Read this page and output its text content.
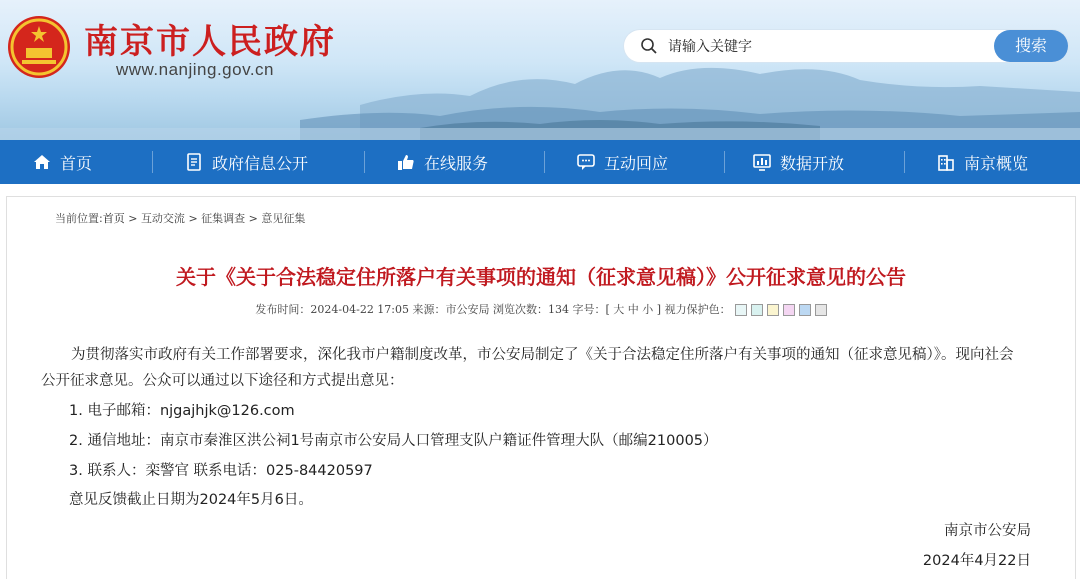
南京市人民政府
www.nanjing.gov.cn
请输入关键字
搜索
首页	政府信息公开	在线服务	互动回应	数据开放	南京概览
当前位置:首页 > 互动交流 > 征集调查 > 意见征集
关于《关于合法稳定住所落户有关事项的通知（征求意见稿）》公开征求意见的公告
发布时间：2024-04-22 17:05 来源：市公安局 浏览次数：134 字号：[ 大 中 小 ] 视力保护色：
为贯彻落实市政府有关工作部署要求，深化我市户籍制度改革，市公安局制定了《关于合法稳定住所落户有关事项的通知（征求意见稿）》。现向社会
公开征求意见。公众可以通过以下途径和方式提出意见：
1. 电子邮箱：njgajhjk@126.com
2. 通信地址：南京市秦淮区洪公祠1号南京市公安局人口管理支队户籍证件管理大队（邮编210005）
3. 联系人：栾警官 联系电话：025-84420597
意见反馈截止日期为2024年5月6日。
南京市公安局
2024年4月22日
